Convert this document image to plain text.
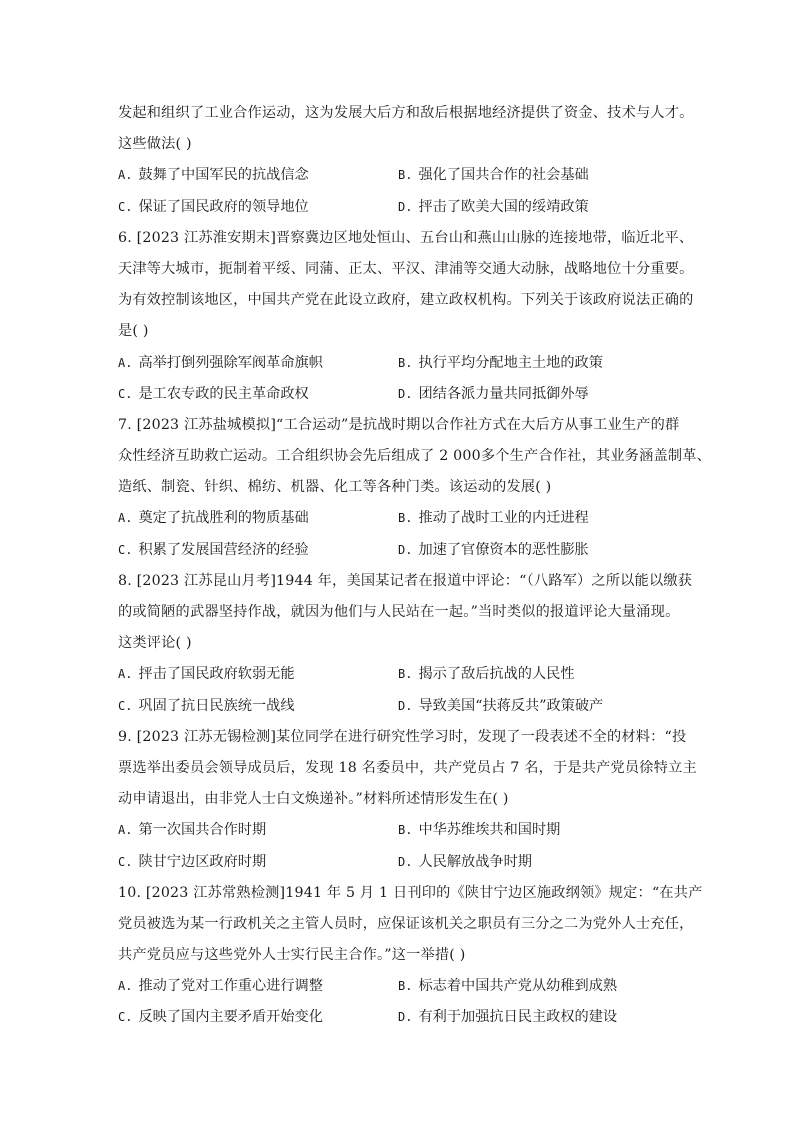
发起和组织了工业合作运动，这为发展大后方和敌后根据地经济提供了资金、技术与人才。
这些做法( )
A. 鼓舞了中国军民的抗战信念	B. 强化了国共合作的社会基础
C. 保证了国民政府的领导地位	D. 抨击了欧美大国的绥靖政策
6. [2023 江苏淮安期末]晋察冀边区地处恒山、五台山和燕山山脉的连接地带，临近北平、
天津等大城市，扼制着平绥、同蒲、正太、平汉、津浦等交通大动脉，战略地位十分重要。
为有效控制该地区，中国共产党在此设立政府，建立政权机构。下列关于该政府说法正确的
是( )
A. 高举打倒列强除军阀革命旗帜	B. 执行平均分配地主土地的政策
C. 是工农专政的民主革命政权	D. 团结各派力量共同抵御外辱
7. [2023 江苏盐城模拟]“工合运动”是抗战时期以合作社方式在大后方从事工业生产的群
众性经济互助救亡运动。工合组织协会先后组成了 2 000多个生产合作社，其业务涵盖制革、
造纸、制瓷、针织、棉纺、机器、化工等各种门类。该运动的发展( )
A. 奠定了抗战胜利的物质基础	B. 推动了战时工业的内迁进程
C. 积累了发展国营经济的经验	D. 加速了官僚资本的恶性膨胀
8. [2023 江苏昆山月考]1944 年，美国某记者在报道中评论：“（八路军）之所以能以缴获
的或简陋的武器坚持作战，就因为他们与人民站在一起。”当时类似的报道评论大量涌现。
这类评论( )
A. 抨击了国民政府软弱无能	B. 揭示了敌后抗战的人民性
C. 巩固了抗日民族统一战线	D. 导致美国“扶蒋反共”政策破产
9. [2023 江苏无锡检测]某位同学在进行研究性学习时，发现了一段表述不全的材料：“投
票选举出委员会领导成员后，发现 18 名委员中，共产党员占 7 名，于是共产党员徐特立主
动申请退出，由非党人士白文焕递补。”材料所述情形发生在( )
A. 第一次国共合作时期	B. 中华苏维埃共和国时期
C. 陕甘宁边区政府时期	D. 人民解放战争时期
10. [2023 江苏常熟检测]1941 年 5 月 1 日刊印的《陕甘宁边区施政纲领》规定：“在共产
党员被选为某一行政机关之主管人员时，应保证该机关之职员有三分之二为党外人士充任，
共产党员应与这些党外人士实行民主合作。”这一举措( )
A. 推动了党对工作重心进行调整	B. 标志着中国共产党从幼稚到成熟
C. 反映了国内主要矛盾开始变化	D. 有利于加强抗日民主政权的建设
